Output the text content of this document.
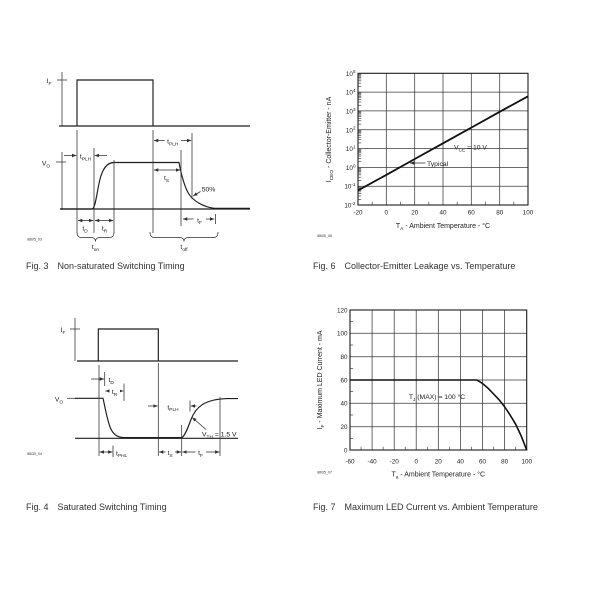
$I_F$
$V_O$
$t_{PLH}$
$t_{PLH}$
$t_S$
50%
$t_D$ $t_R$
$t_F$
$t_{on}$	$t_{off}$
i8605_03
$10^5$
$10^4$
$10^3$
$10^2$
$10^1$
$10^0$
$10^{-1}$
$10^{-2}$
-20	0	20	40	60	80	100
$I_{CEO}$ - Collector-Emitter - nA
$T_A$ - Ambient Temperature - °C
$V_{CE} = 10$ V
Typical
i8605_06
$I_F$
$V_O$
$t_D$
$t_R$
$t_{PHL}$
$t_{PLH}$
$V_{TH} = 1.5$ V
$t_S$	$t_F$
i8630_04
120
100
80
60
40
20
0
-60 -40 -20 0	20 40 60 80 100
$I_F$ - Maximum LED Current - mA
$T_a$ - Ambient Temperature - °C
$T_J$ (MAX) = 100 °C
i8605_07
Fig. 3 Non-saturated Switching Timing	Fig. 6 Collector-Emitter Leakage vs. Temperature
Fig. 4 Saturated Switching Timing	Fig. 7 Maximum LED Current vs. Ambient Temperature
